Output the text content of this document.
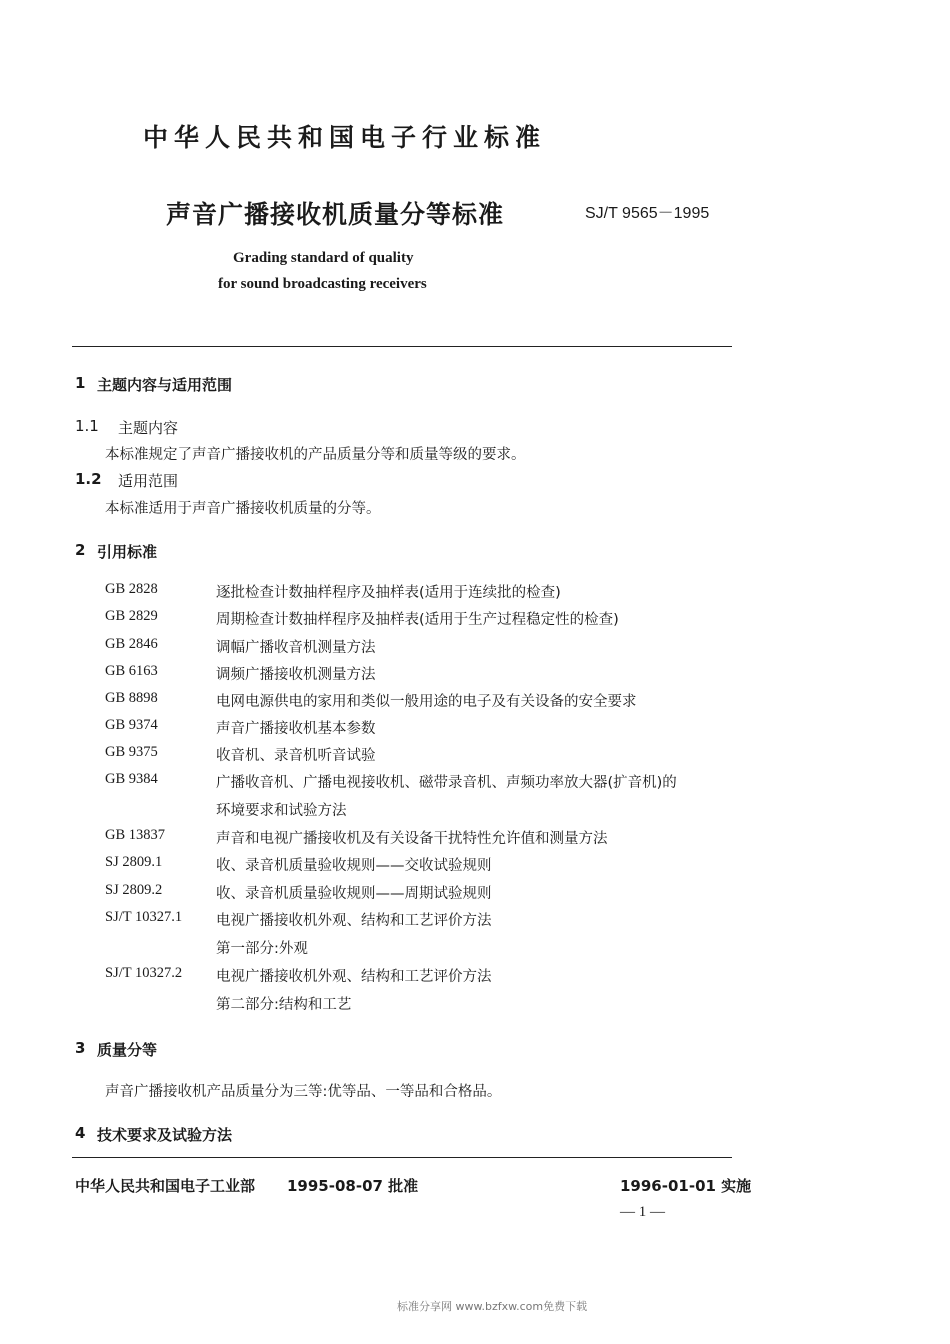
中华人民共和国电子行业标准
声音广播接收机质量分等标准	SJ/T 9565－1995
Grading standard of quality
for sound broadcasting receivers
1 主题内容与适用范围
1.1 主题内容
本标准规定了声音广播接收机的产品质量分等和质量等级的要求。
1.2 适用范围
本标准适用于声音广播接收机质量的分等。
2 引用标准
GB 2828	逐批检查计数抽样程序及抽样表(适用于连续批的检查)
GB 2829	周期检查计数抽样程序及抽样表(适用于生产过程稳定性的检查)
GB 2846	调幅广播收音机测量方法
GB 6163	调频广播接收机测量方法
GB 8898	电网电源供电的家用和类似一般用途的电子及有关设备的安全要求
GB 9374	声音广播接收机基本参数
GB 9375	收音机、录音机听音试验
GB 9384	广播收音机、广播电视接收机、磁带录音机、声频功率放大器(扩音机)的
环境要求和试验方法
GB 13837	声音和电视广播接收机及有关设备干扰特性允许值和测量方法
SJ 2809.1	收、录音机质量验收规则——交收试验规则
SJ 2809.2	收、录音机质量验收规则——周期试验规则
SJ/T 10327.1 电视广播接收机外观、结构和工艺评价方法
第一部分:外观
SJ/T 10327.2 电视广播接收机外观、结构和工艺评价方法
第二部分:结构和工艺
3 质量分等
声音广播接收机产品质量分为三等:优等品、一等品和合格品。
4 技术要求及试验方法
中华人民共和国电子工业部 1995-08-07 批准	1996-01-01 实施
— 1 —
标准分享网 www.bzfxw.com免费下载
